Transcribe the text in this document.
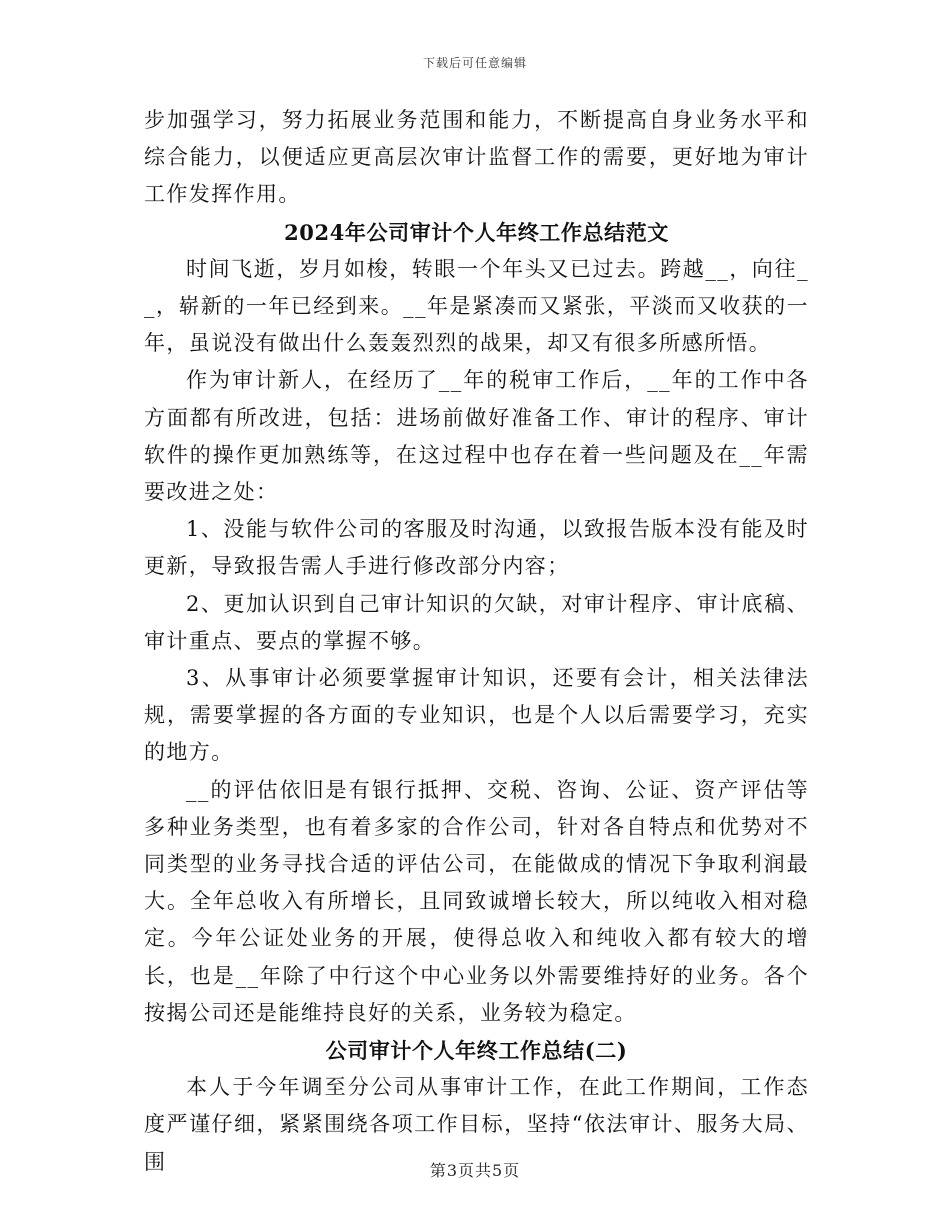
下载后可任意编辑

步加强学习，努力拓展业务范围和能力，不断提高自身业务水平和综合能力，以便适应更高层次审计监督工作的需要，更好地为审计工作发挥作用。

2024年公司审计个人年终工作总结范文

时间飞逝，岁月如梭，转眼一个年头又已过去。跨越__，向往__，崭新的一年已经到来。__年是紧凑而又紧张，平淡而又收获的一年，虽说没有做出什么轰轰烈烈的战果，却又有很多所感所悟。

作为审计新人，在经历了__年的税审工作后，__年的工作中各方面都有所改进，包括：进场前做好准备工作、审计的程序、审计软件的操作更加熟练等，在这过程中也存在着一些问题及在__年需要改进之处：

1、没能与软件公司的客服及时沟通，以致报告版本没有能及时更新，导致报告需人手进行修改部分内容；

2、更加认识到自己审计知识的欠缺，对审计程序、审计底稿、审计重点、要点的掌握不够。

3、从事审计必须要掌握审计知识，还要有会计，相关法律法规，需要掌握的各方面的专业知识，也是个人以后需要学习，充实的地方。

__的评估依旧是有银行抵押、交税、咨询、公证、资产评估等多种业务类型，也有着多家的合作公司，针对各自特点和优势对不同类型的业务寻找合适的评估公司，在能做成的情况下争取利润最大。全年总收入有所增长，且同致诚增长较大，所以纯收入相对稳定。今年公证处业务的开展，使得总收入和纯收入都有较大的增长，也是__年除了中行这个中心业务以外需要维持好的业务。各个按揭公司还是能维持良好的关系，业务较为稳定。

公司审计个人年终工作总结(二)

本人于今年调至分公司从事审计工作，在此工作期间，工作态度严谨仔细，紧紧围绕各项工作目标，坚持“依法审计、服务大局、围	第3页共5页
